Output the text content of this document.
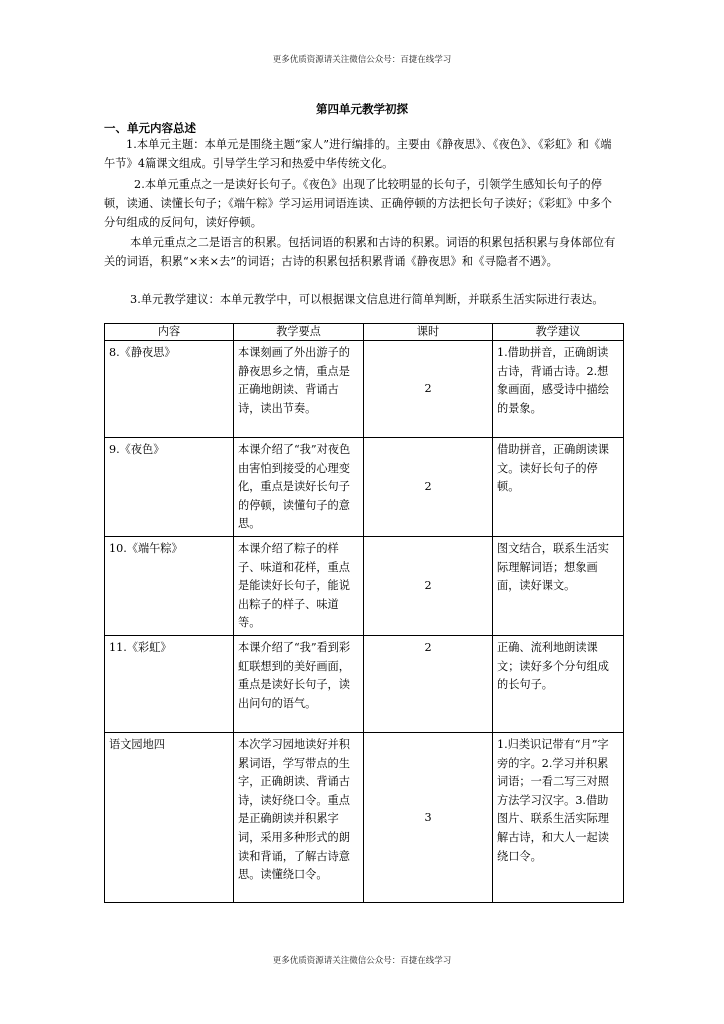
更多优质资源请关注微信公众号：百捷在线学习
第四单元教学初探
一、单元内容总述
1.本单元主题：本单元是围绕主题“家人”进行编排的。主要由《静夜思》、《夜色》、《彩虹》和《端午节》4篇课文组成。引导学生学习和热爱中华传统文化。
2.本单元重点之一是读好长句子。《夜色》出现了比较明显的长句子，引领学生感知长句子的停顿，读通、读懂长句子；《端午粽》学习运用词语连读、正确停顿的方法把长句子读好；《彩虹》中多个分句组成的反问句，读好停顿。
本单元重点之二是语言的积累。包括词语的积累和古诗的积累。词语的积累包括积累与身体部位有关的词语，积累“×来×去”的词语；古诗的积累包括积累背诵《静夜思》和《寻隐者不遇》。
3.单元教学建议：本单元教学中，可以根据课文信息进行简单判断，并联系生活实际进行表达。
内容	教学要点	课时	教学建议
8.《静夜思》	本课刻画了外出游子的静夜思乡之情，重点是正确地朗读、背诵古诗，读出节奏。	2	1.借助拼音，正确朗读古诗，背诵古诗。2.想象画面，感受诗中描绘的景象。
9.《夜色》	本课介绍了“我”对夜色由害怕到接受的心理变化，重点是读好长句子的停顿，读懂句子的意思。	2	借助拼音，正确朗读课文。读好长句子的停顿。
10.《端午粽》	本课介绍了粽子的样子、味道和花样，重点是能读好长句子，能说出粽子的样子、味道等。	2	图文结合，联系生活实际理解词语；想象画面，读好课文。
11.《彩虹》	本课介绍了“我”看到彩虹联想到的美好画面，重点是读好长句子，读出问句的语气。	2	正确、流利地朗读课文；读好多个分句组成的长句子。
语文园地四	本次学习园地读好并积累词语，学写带点的生字，正确朗读、背诵古诗，读好绕口令。重点是正确朗读并积累字词，采用多种形式的朗读和背诵，了解古诗意思。读懂绕口令。	3	1.归类识记带有“月”字旁的字。2.学习并积累词语；一看二写三对照方法学习汉字。3.借助图片、联系生活实际理解古诗，和大人一起读绕口令。
更多优质资源请关注微信公众号：百捷在线学习
